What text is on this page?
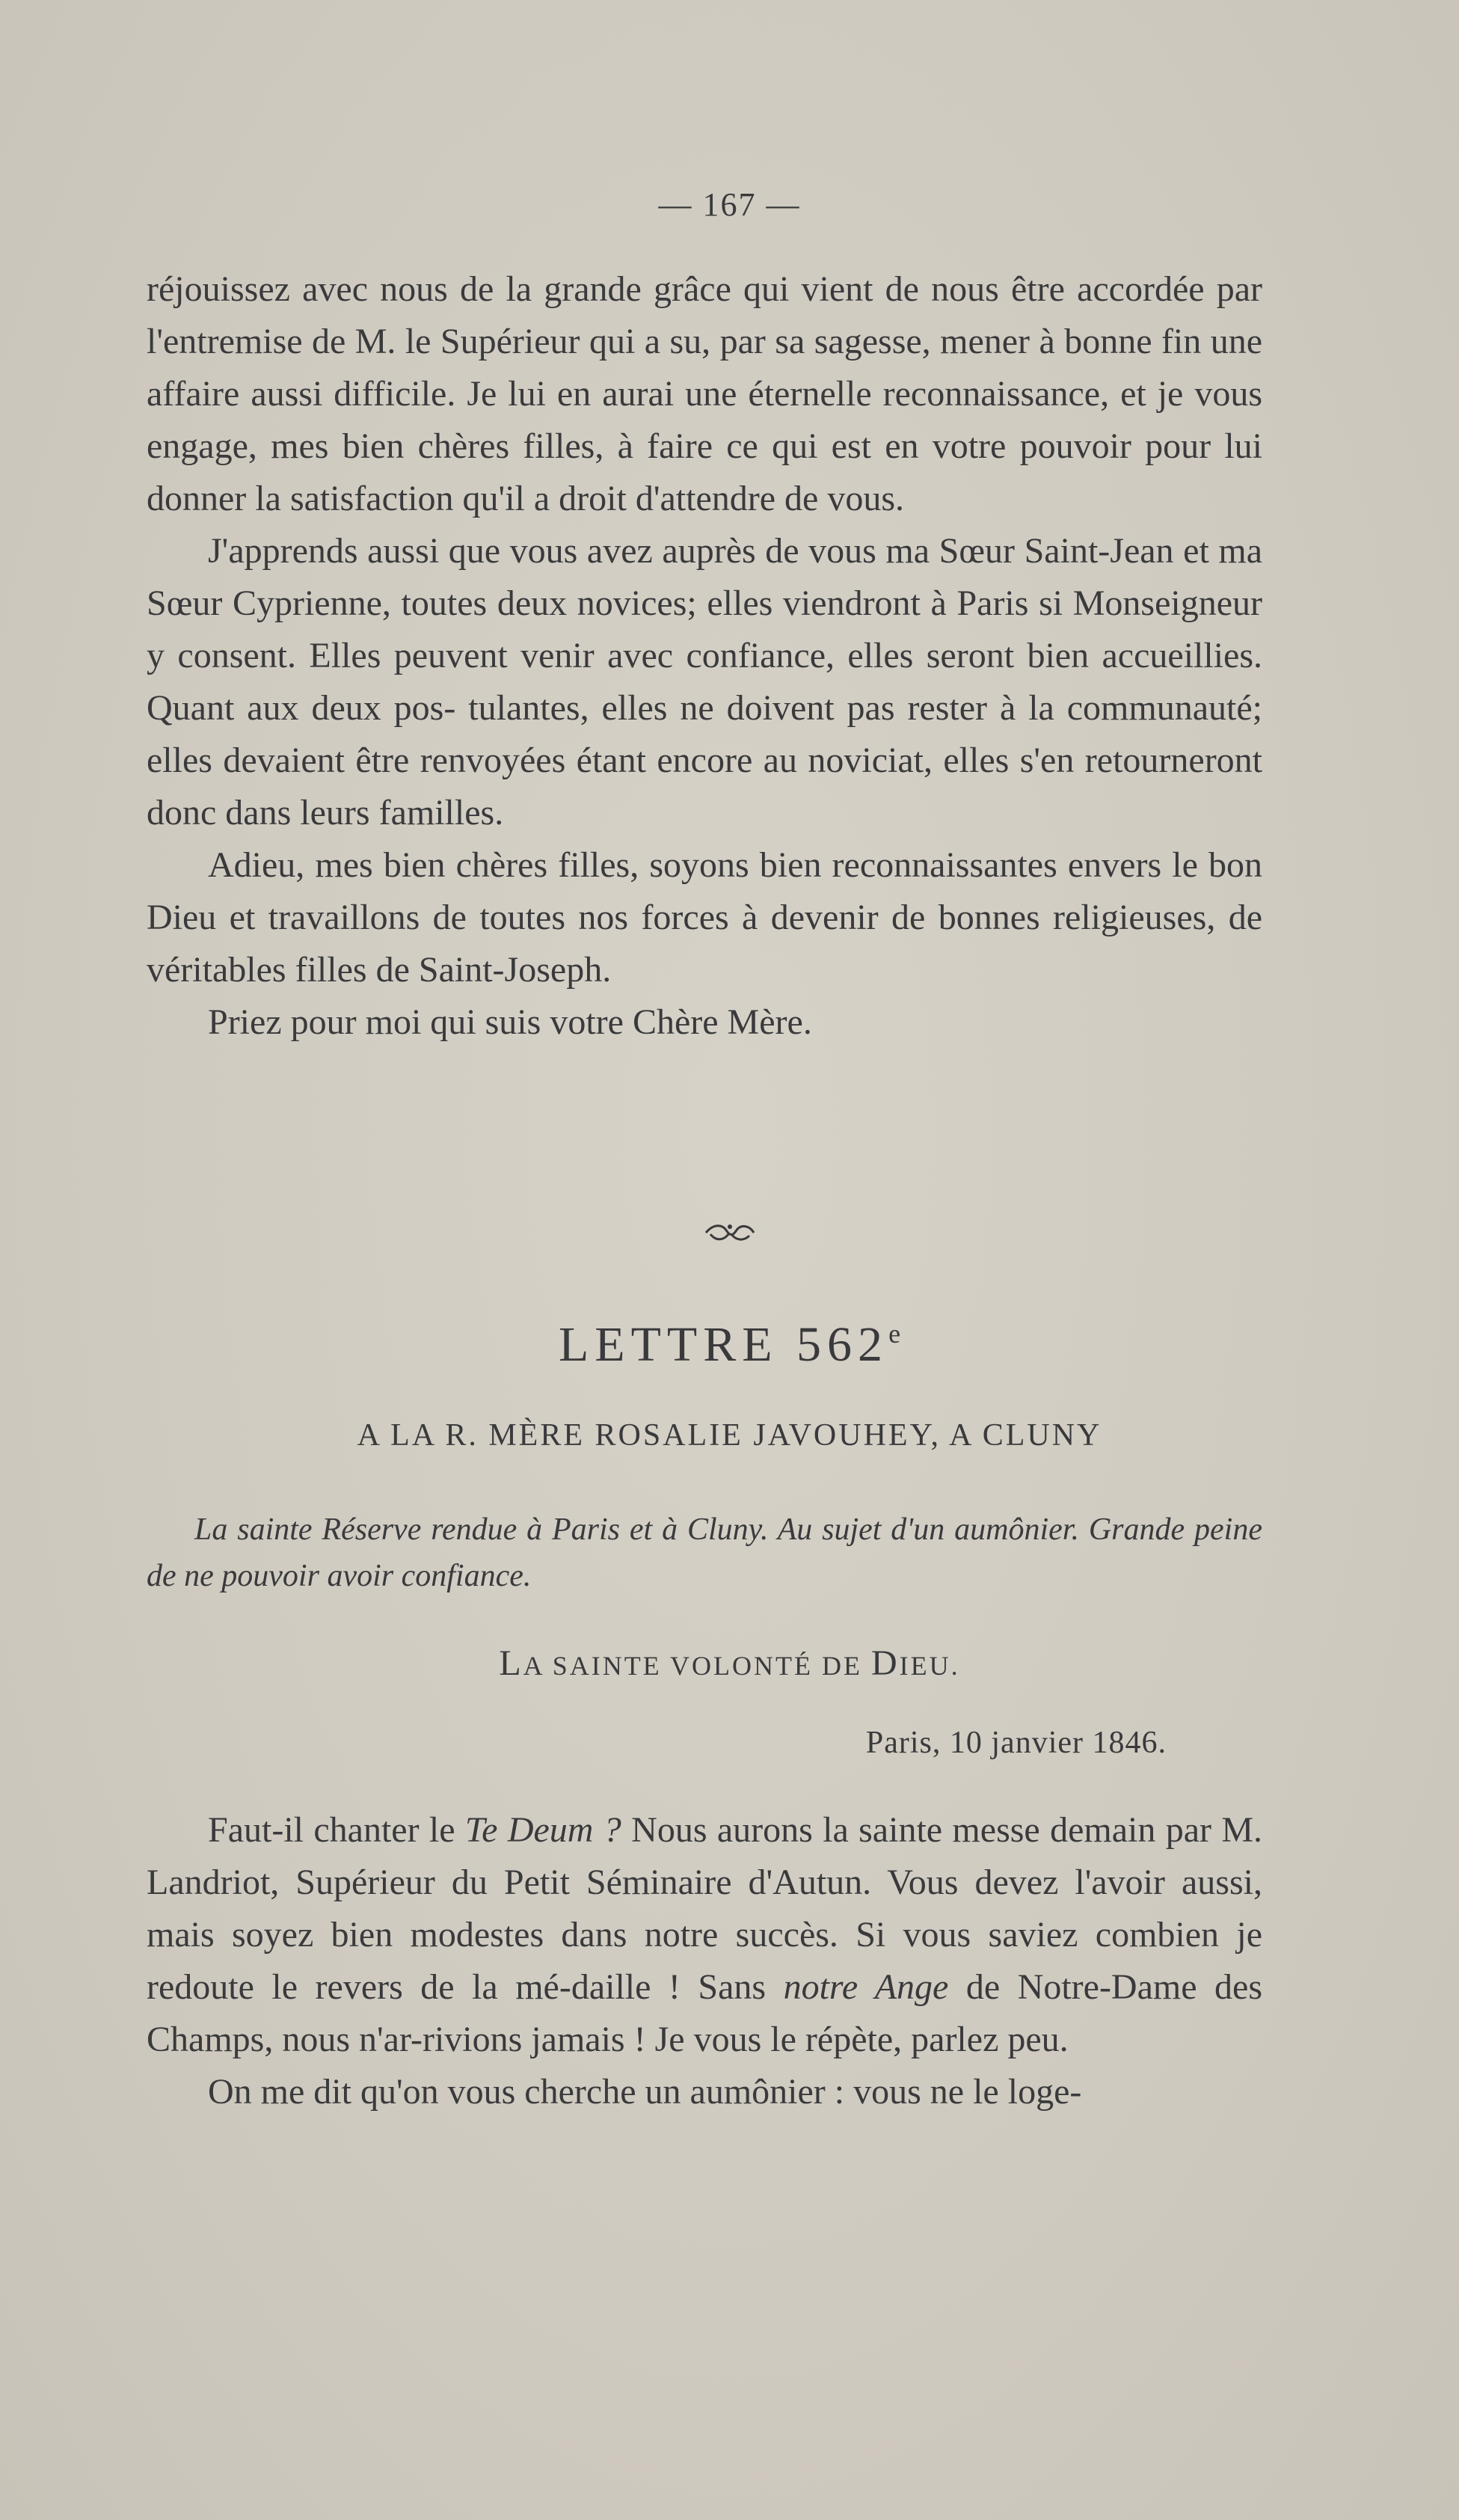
— 167 —

réjouissez avec nous de la grande grâce qui vient de nous être accordée par l'entremise de M. le Supérieur qui a su, par sa sagesse, mener à bonne fin une affaire aussi difficile. Je lui en aurai une éternelle reconnaissance, et je vous engage, mes bien chères filles, à faire ce qui est en votre pouvoir pour lui donner la satisfaction qu'il a droit d'attendre de vous.

J'apprends aussi que vous avez auprès de vous ma Sœur Saint-Jean et ma Sœur Cyprienne, toutes deux novices; elles viendront à Paris si Monseigneur y consent. Elles peuvent venir avec confiance, elles seront bien accueillies. Quant aux deux pos- tulantes, elles ne doivent pas rester à la communauté; elles devaient être renvoyées étant encore au noviciat, elles s'en retourneront donc dans leurs familles.

Adieu, mes bien chères filles, soyons bien reconnaissantes envers le bon Dieu et travaillons de toutes nos forces à devenir de bonnes religieuses, de véritables filles de Saint-Joseph.

Priez pour moi qui suis votre Chère Mère.

LETTRE 562e
A LA R. MÈRE ROSALIE JAVOUHEY, A CLUNY
La sainte Réserve rendue à Paris et à Cluny. Au sujet d'un aumônier. Grande peine de ne pouvoir avoir confiance.
LA SAINTE VOLONTÉ DE DIEU.
Paris, 10 janvier 1846.

Faut-il chanter le Te Deum ? Nous aurons la sainte messe demain par M. Landriot, Supérieur du Petit Séminaire d'Autun. Vous devez l'avoir aussi, mais soyez bien modestes dans notre succès. Si vous saviez combien je redoute le revers de la mé-daille ! Sans notre Ange de Notre-Dame des Champs, nous n'ar-rivions jamais ! Je vous le répète, parlez peu.

On me dit qu'on vous cherche un aumônier : vous ne le loge-
